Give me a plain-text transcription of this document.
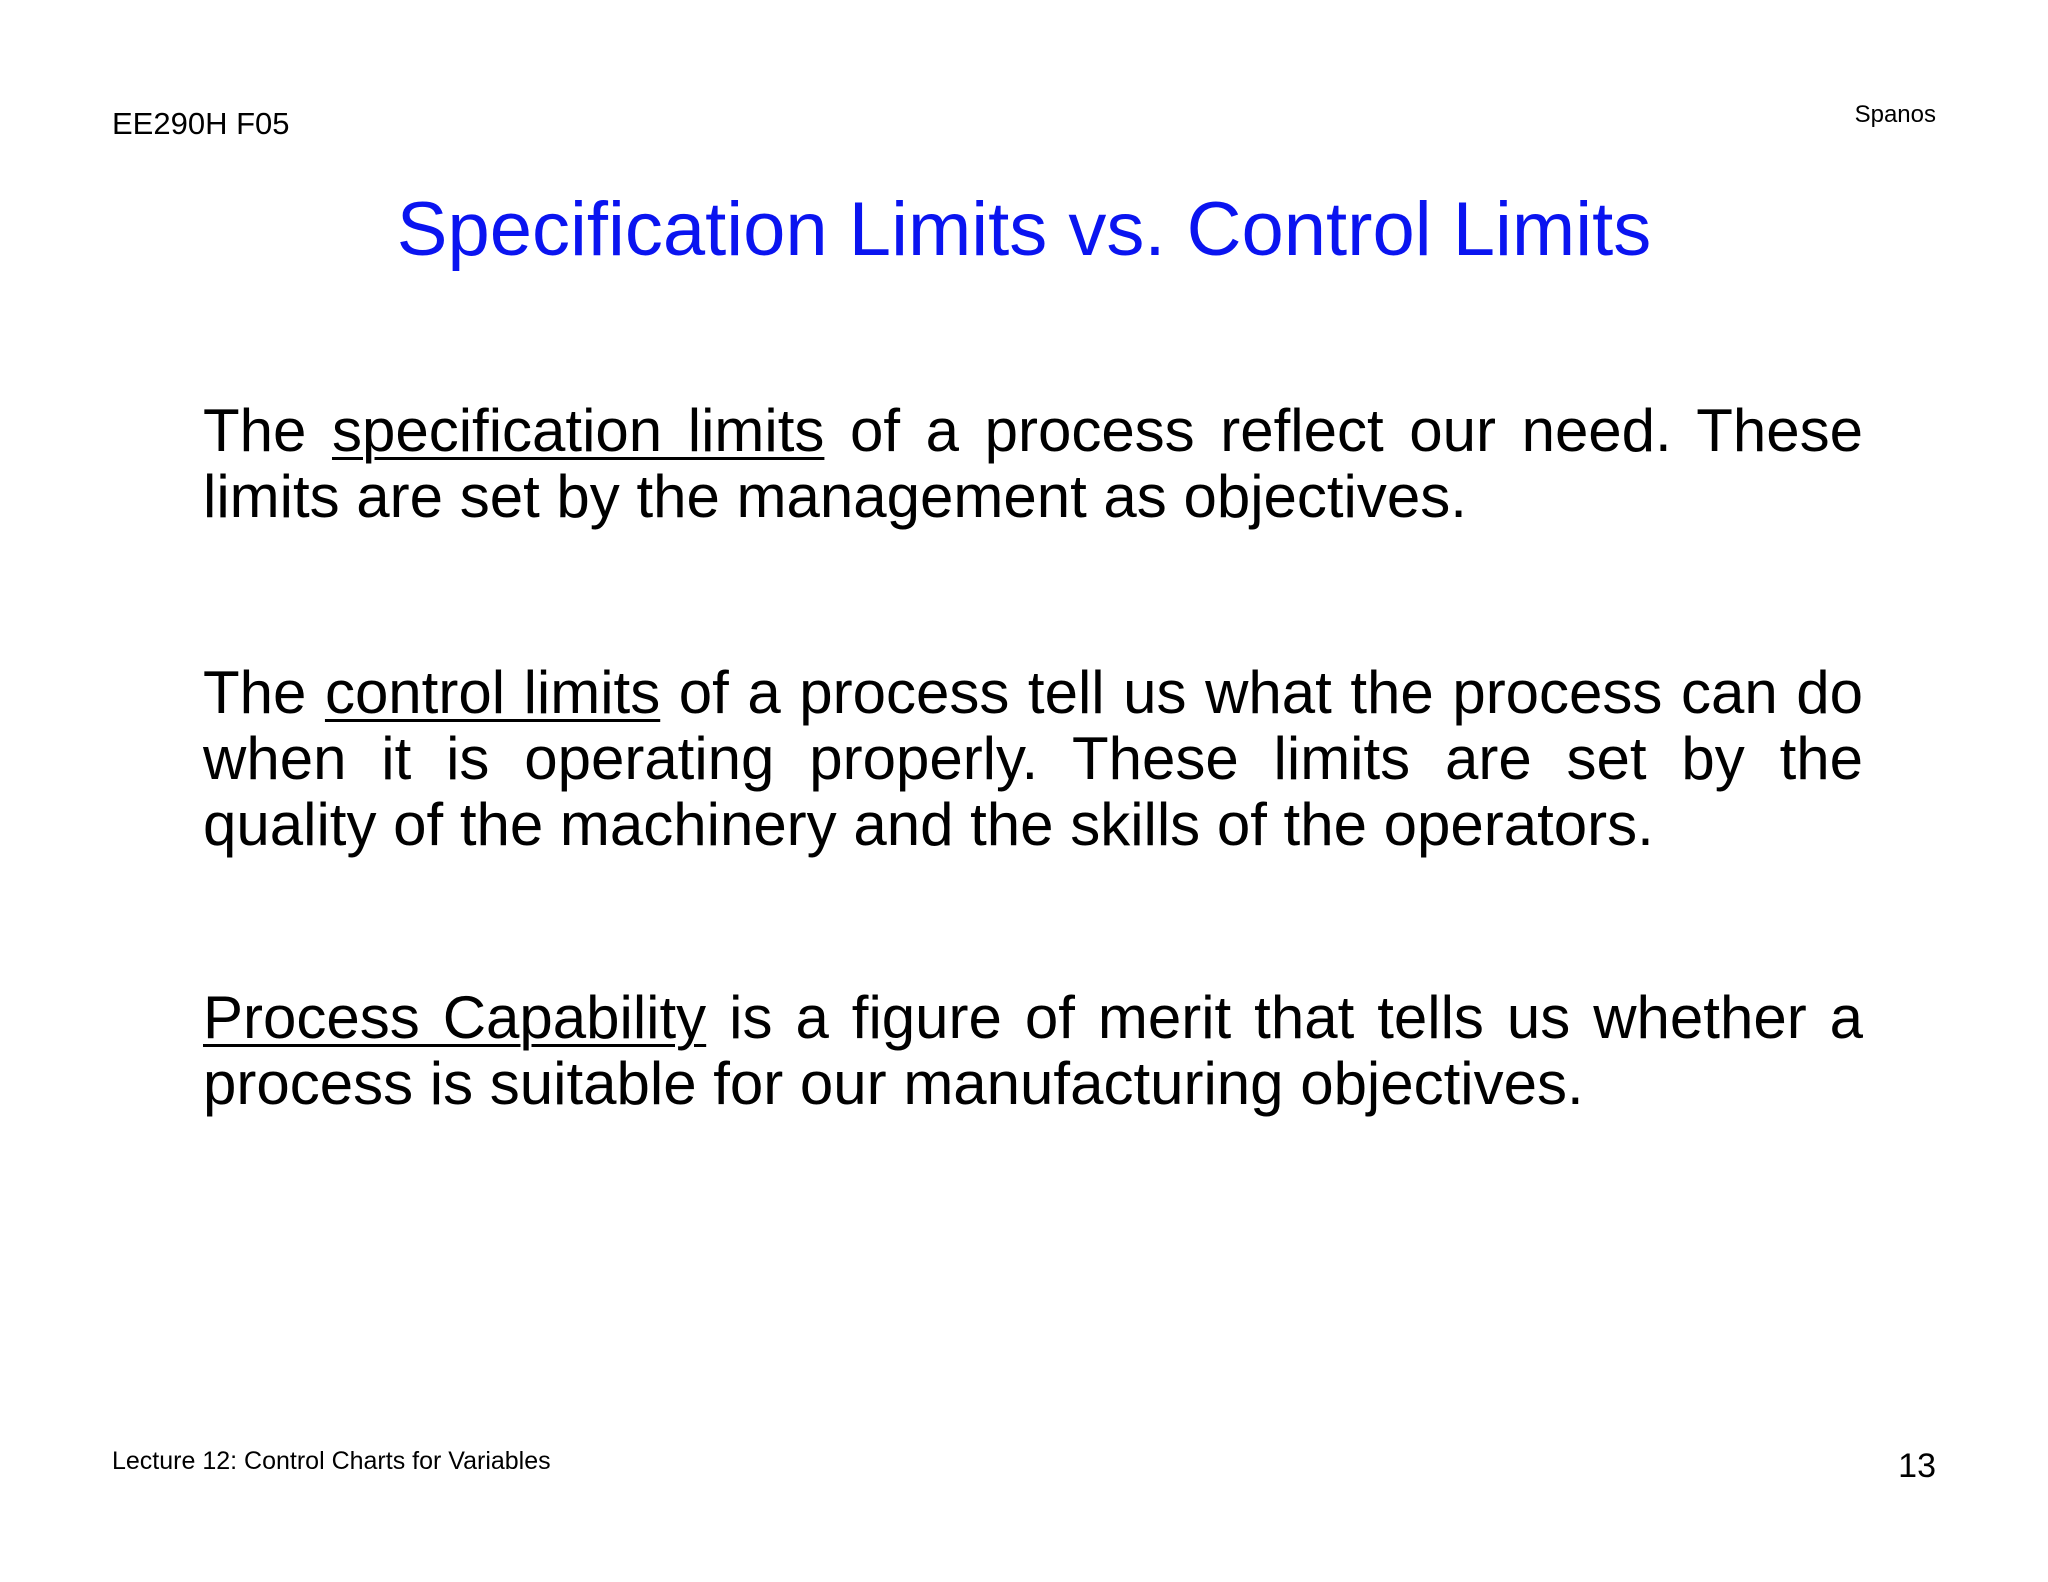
EE290H F05	Spanos
Specification Limits vs. Control Limits
The specification limits of a process reflect our need. These limits are set by the management as objectives.
The control limits of a process tell us what the process can do when it is operating properly. These limits are set by the quality of the machinery and the skills of the operators.
Process Capability is a figure of merit that tells us whether a process is suitable for our manufacturing objectives.
Lecture 12: Control Charts for Variables	13
